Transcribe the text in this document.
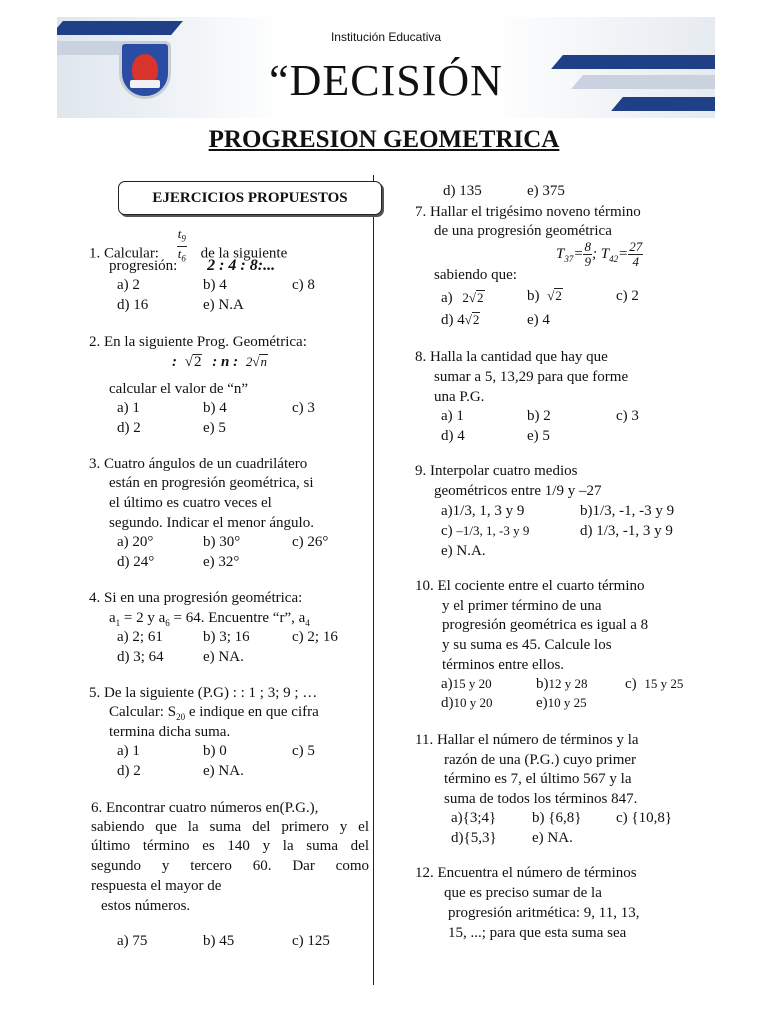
Institución Educativa
“DECISIÓN
PROGRESION GEOMETRICA
EJERCICIOS PROPUESTOS
1. Calcular: $\frac{t_9}{t_6}$ de la siguiente
progresión: 2 : 4 : 8:...
a) 2	b) 4	c) 8
d) 16	e) N.A
2. En la siguiente Prog. Geométrica:
: √2 : n : 2√n
calcular el valor de “n”
a) 1	b) 4	c) 3
d) 2	e) 5
3. Cuatro ángulos de un cuadrilátero
están en progresión geométrica, si
el último es cuatro veces el
segundo. Indicar el menor ángulo.
a) 20°	b) 30°	c) 26°
d) 24°	e) 32°
4. Si en una progresión geométrica:
$a_1 = 2$ y $a_6 = 64$. Encuentre “r”, $a_4$
a) 2; 61	b) 3; 16	c) 2; 16
d) 3; 64	e) NA.
5. De la siguiente (P.G) : : 1 ; 3; 9 ; …
Calcular: $S_{20}$ e indique en que cifra
termina dicha suma.
a) 1	b) 0	c) 5
d) 2	e) NA.
6. Encontrar cuatro números en(P.G.),
sabiendo que la suma del primero y el
último término es 140 y la suma del
segundo y tercero 60. Dar como
respuesta el mayor de
estos números.
a) 75	b) 45	c) 125
d) 135	e) 375
7. Hallar el trigésimo noveno término
de una progresión geométrica
$T_{37}= \frac{8}{9}$ ; $T_{42}= \frac{27}{4}$
sabiendo que:
a) 2√2	b) √2	c) 2
d) 4√2	e) 4
8. Halla la cantidad que hay que
sumar a 5, 13,29 para que forme
una P.G.
a) 1	b) 2	c) 3
d) 4	e) 5
9. Interpolar cuatro medios
geométricos entre 1/9 y –27
a)1/3, 1, 3 y 9	b)1/3, -1, -3 y 9
c) –1/3, 1, -3 y 9	d) 1/3, -1, 3 y 9
e) N.A.
10. El cociente entre el cuarto término
y el primer término de una
progresión geométrica es igual a 8
y su suma es 45. Calcule los
términos entre ellos.
a)15 y 20	b)12 y 28	c) 15 y 25
d)10 y 20	e)10 y 25
11. Hallar el número de términos y la
razón de una (P.G.) cuyo primer
término es 7, el último 567 y la
suma de todos los términos 847.
a){3;4} b) {6,8} c) {10,8}
d){5,3} e) NA.
12. Encuentra el número de términos
que es preciso sumar de la
progresión aritmética: 9, 11, 13,
15, ...; para que esta suma sea
